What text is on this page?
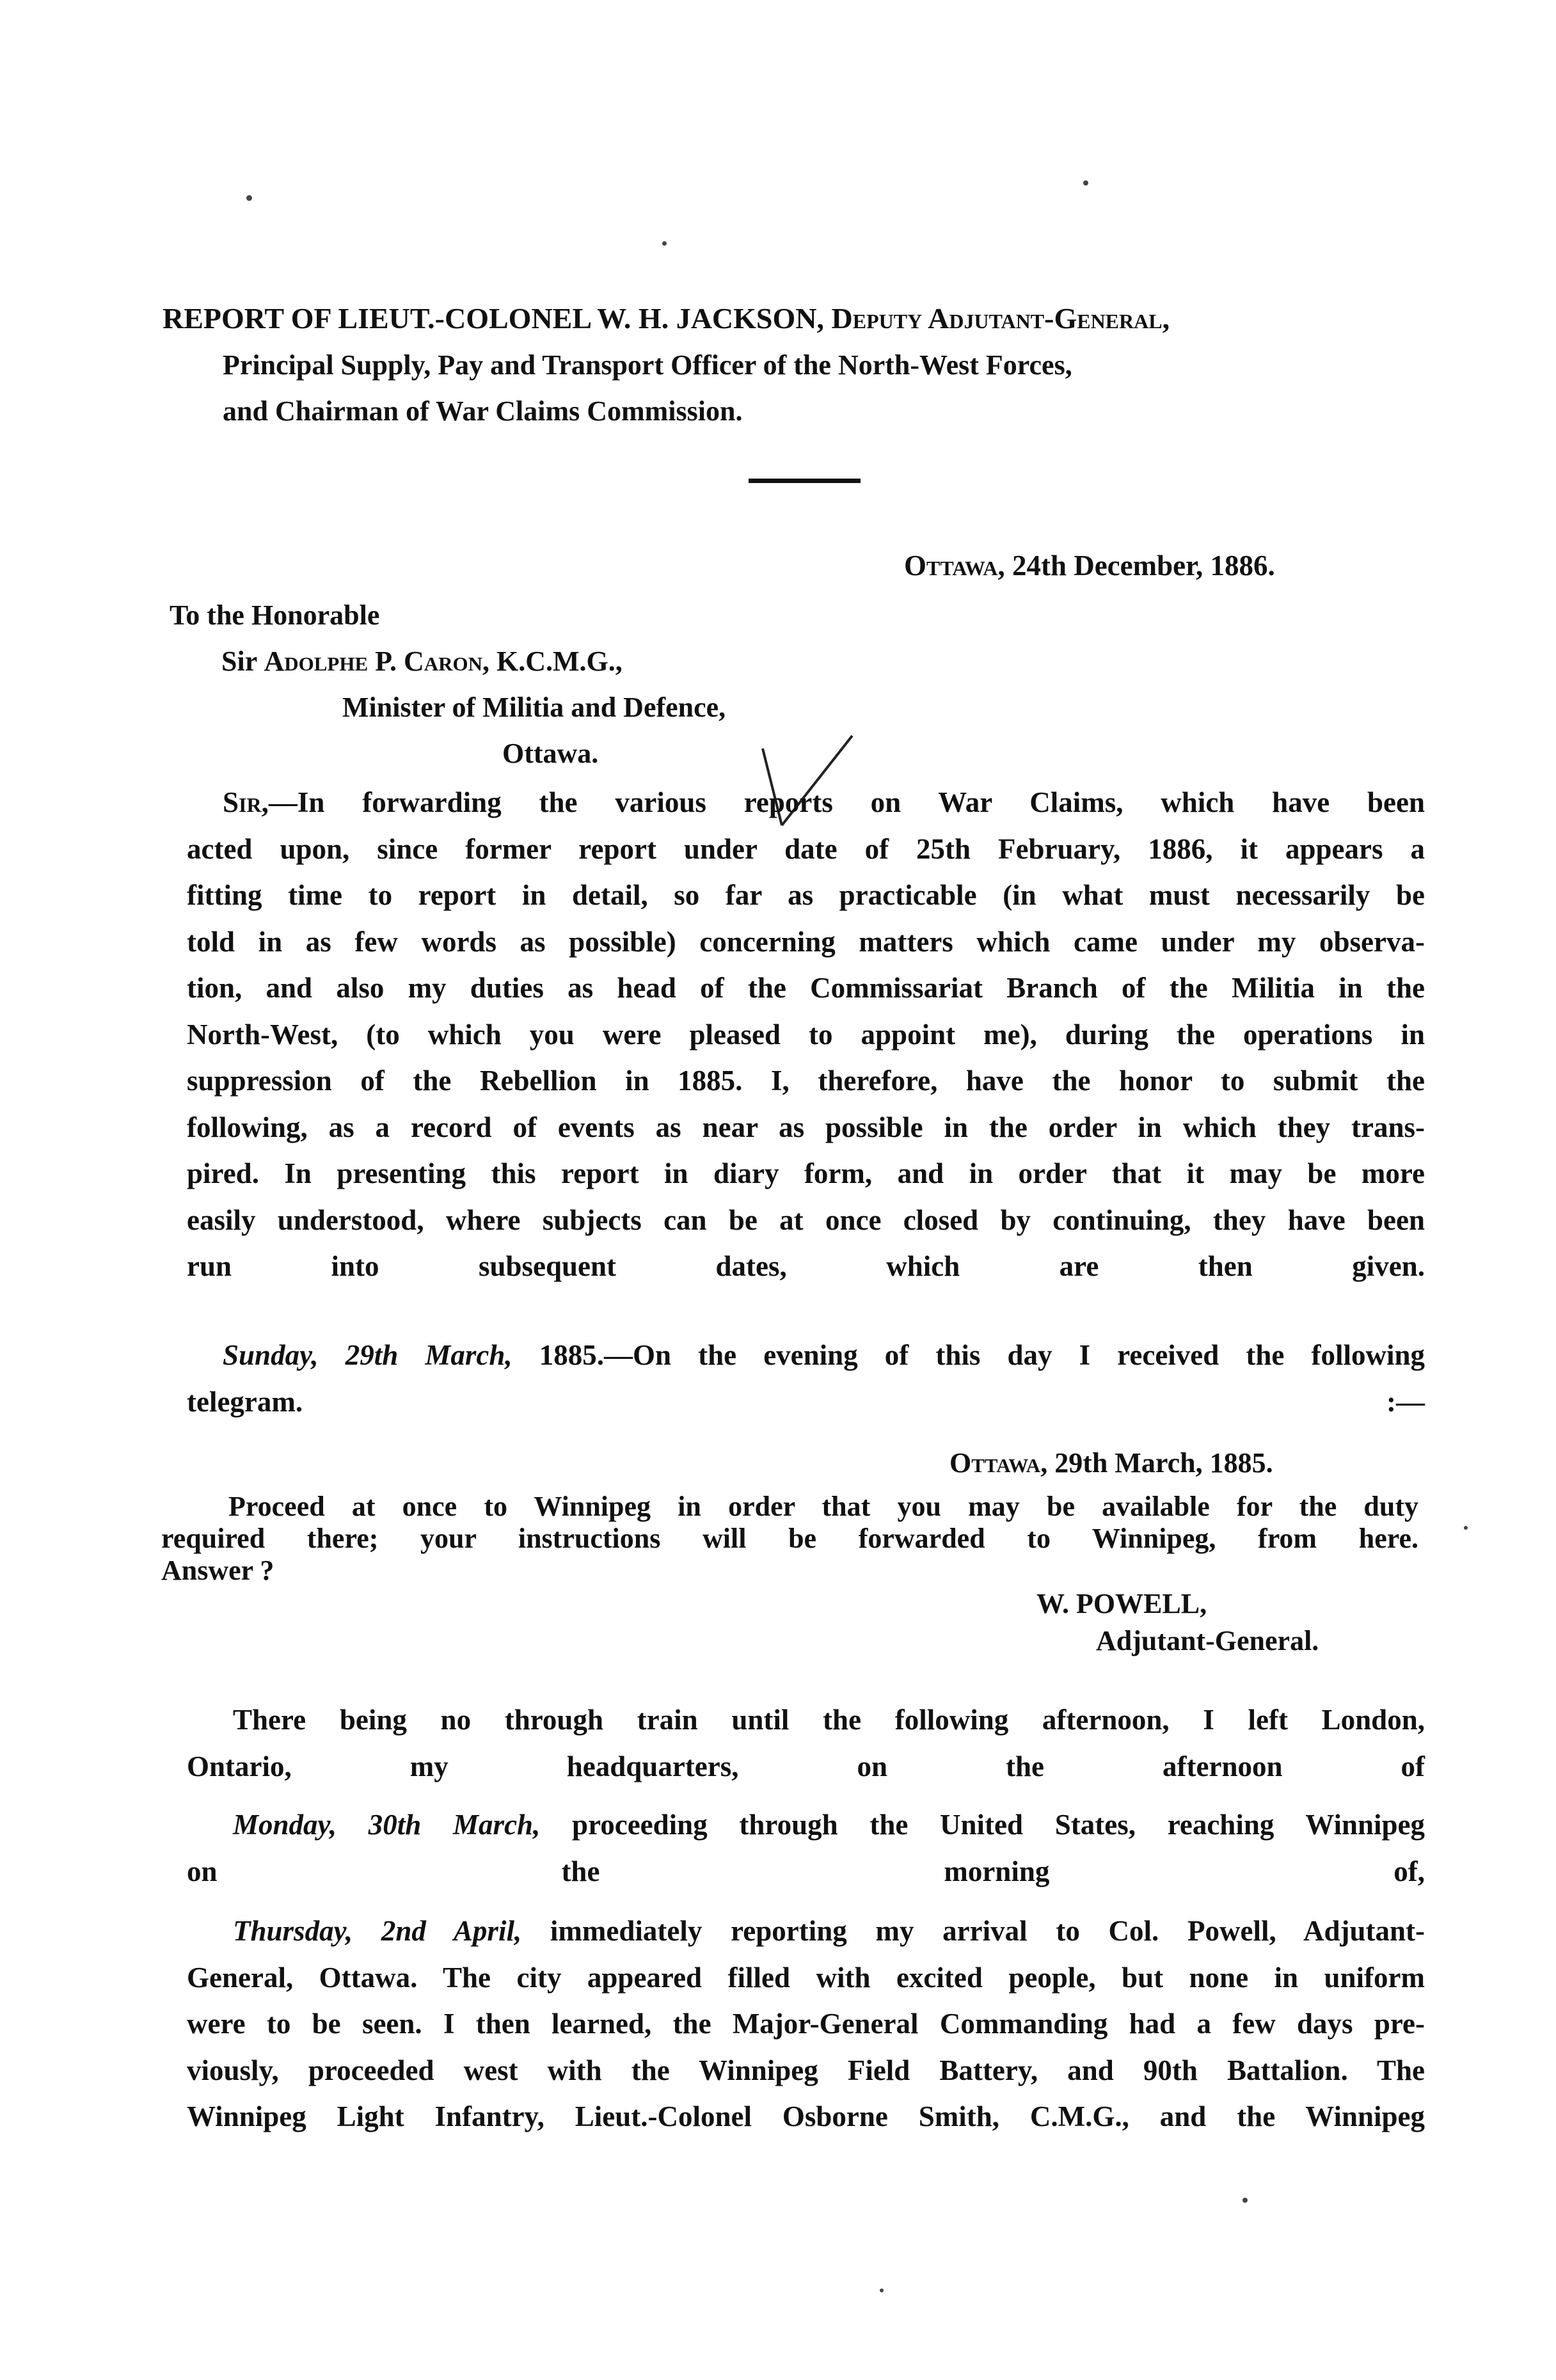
REPORT OF LIEUT.-COLONEL W. H. JACKSON, Deputy Adjutant-General,
Principal Supply, Pay and Transport Officer of the North-West Forces,
and Chairman of War Claims Commission.
Ottawa, 24th December, 1886.
To the Honorable
Sir Adolphe P. Caron, K.C.M.G.,
Minister of Militia and Defence,
Ottawa.
Sir,—In forwarding the various reports on War Claims, which have been
acted upon, since former report under date of 25th February, 1886, it appears a
fitting time to report in detail, so far as practicable (in what must necessarily be
told in as few words as possible) concerning matters which came under my observa-
tion, and also my duties as head of the Commissariat Branch of the Militia in the
North-West, (to which you were pleased to appoint me), during the operations in
suppression of the Rebellion in 1885. I, therefore, have the honor to submit the
following, as a record of events as near as possible in the order in which they trans-
pired. In presenting this report in diary form, and in order that it may be more
easily understood, where subjects can be at once closed by continuing, they have been
run into subsequent dates, which are then given.
Sunday, 29th March, 1885.—On the evening of this day I received the following
telegram. :—
Ottawa, 29th March, 1885.
Proceed at once to Winnipeg in order that you may be available for the duty
required there; your instructions will be forwarded to Winnipeg, from here.
Answer ?
W. POWELL,
Adjutant-General.
There being no through train until the following afternoon, I left London,
Ontario, my headquarters, on the afternoon of
Monday, 30th March, proceeding through the United States, reaching Winnipeg
on the morning of,
Thursday, 2nd April, immediately reporting my arrival to Col. Powell, Adjutant-
General, Ottawa. The city appeared filled with excited people, but none in uniform
were to be seen. I then learned, the Major-General Commanding had a few days pre-
viously, proceeded west with the Winnipeg Field Battery, and 90th Battalion. The
Winnipeg Light Infantry, Lieut.-Colonel Osborne Smith, C.M.G., and the Winnipeg
